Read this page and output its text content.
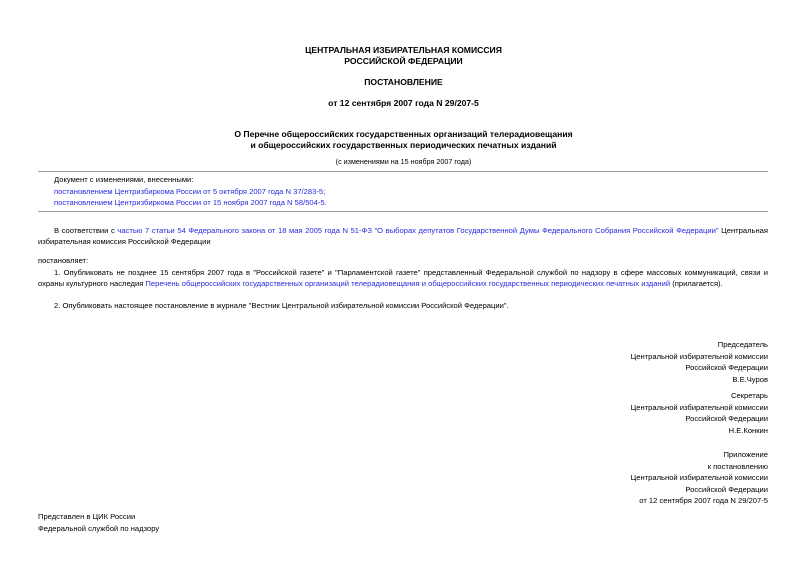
ЦЕНТРАЛЬНАЯ ИЗБИРАТЕЛЬНАЯ КОМИССИЯ
РОССИЙСКОЙ ФЕДЕРАЦИИ
ПОСТАНОВЛЕНИЕ
от 12 сентября 2007 года N 29/207-5
О Перечне общероссийских государственных организаций телерадиовещания
и общероссийских государственных периодических печатных изданий
(с изменениями на 15 ноября 2007 года)
Документ с изменениями, внесенными:
постановлением Центризбиркома России от 5 октября 2007 года N 37/283-5;
постановлением Центризбиркома России от 15 ноября 2007 года N 58/504-5.
В соответствии с частью 7 статьи 54 Федерального закона от 18 мая 2005 года N 51-ФЗ "О выборах депутатов Государственной Думы Федерального Собрания Российской Федерации" Центральная избирательная комиссия Российской Федерации
постановляет:
1. Опубликовать не позднее 15 сентября 2007 года в "Российской газете" и "Парламентской газете" представленный Федеральной службой по надзору в сфере массовых коммуникаций, связи и охраны культурного наследия Перечень общероссийских государственных организаций телерадиовещания и общероссийских государственных периодических печатных изданий (прилагается).
2. Опубликовать настоящее постановление в журнале "Вестник Центральной избирательной комиссии Российской Федерации".
Председатель
Центральной избирательной комиссии
Российской Федерации
В.Е.Чуров
Секретарь
Центральной избирательной комиссии
Российской Федерации
Н.Е.Конкин
Приложение
к постановлению
Центральной избирательной комиссии
Российской Федерации
от 12 сентября 2007 года N 29/207-5
Представлен в ЦИК России
Федеральной службой по надзору
